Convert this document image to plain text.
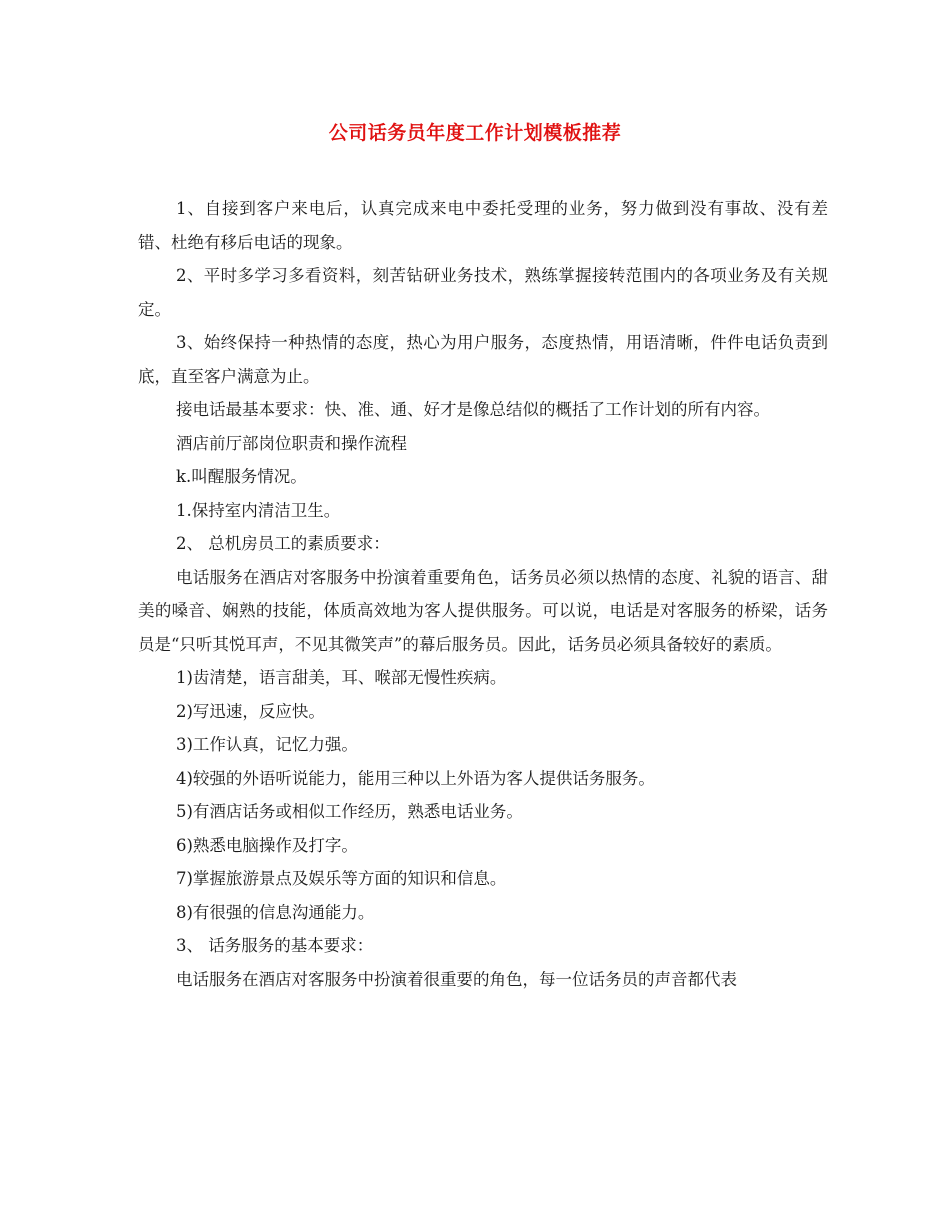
公司话务员年度工作计划模板推荐

1、自接到客户来电后，认真完成来电中委托受理的业务，努力做到没有事故、没有差错、杜绝有移后电话的现象。

2、平时多学习多看资料，刻苦钻研业务技术，熟练掌握接转范围内的各项业务及有关规定。

3、始终保持一种热情的态度，热心为用户服务，态度热情，用语清晰，件件电话负责到底，直至客户满意为止。

接电话最基本要求：快、准、通、好才是像总结似的概括了工作计划的所有内容。

酒店前厅部岗位职责和操作流程

k.叫醒服务情况。

1.保持室内清洁卫生。

2、 总机房员工的素质要求：

电话服务在酒店对客服务中扮演着重要角色，话务员必须以热情的态度、礼貌的语言、甜美的嗓音、娴熟的技能，体质高效地为客人提供服务。可以说，电话是对客服务的桥梁，话务员是“只听其悦耳声，不见其微笑声”的幕后服务员。因此，话务员必须具备较好的素质。

1)齿清楚，语言甜美，耳、喉部无慢性疾病。

2)写迅速，反应快。

3)工作认真，记忆力强。

4)较强的外语听说能力，能用三种以上外语为客人提供话务服务。

5)有酒店话务或相似工作经历，熟悉电话业务。

6)熟悉电脑操作及打字。

7)掌握旅游景点及娱乐等方面的知识和信息。

8)有很强的信息沟通能力。

3、 话务服务的基本要求：

电话服务在酒店对客服务中扮演着很重要的角色，每一位话务员的声音都代表
